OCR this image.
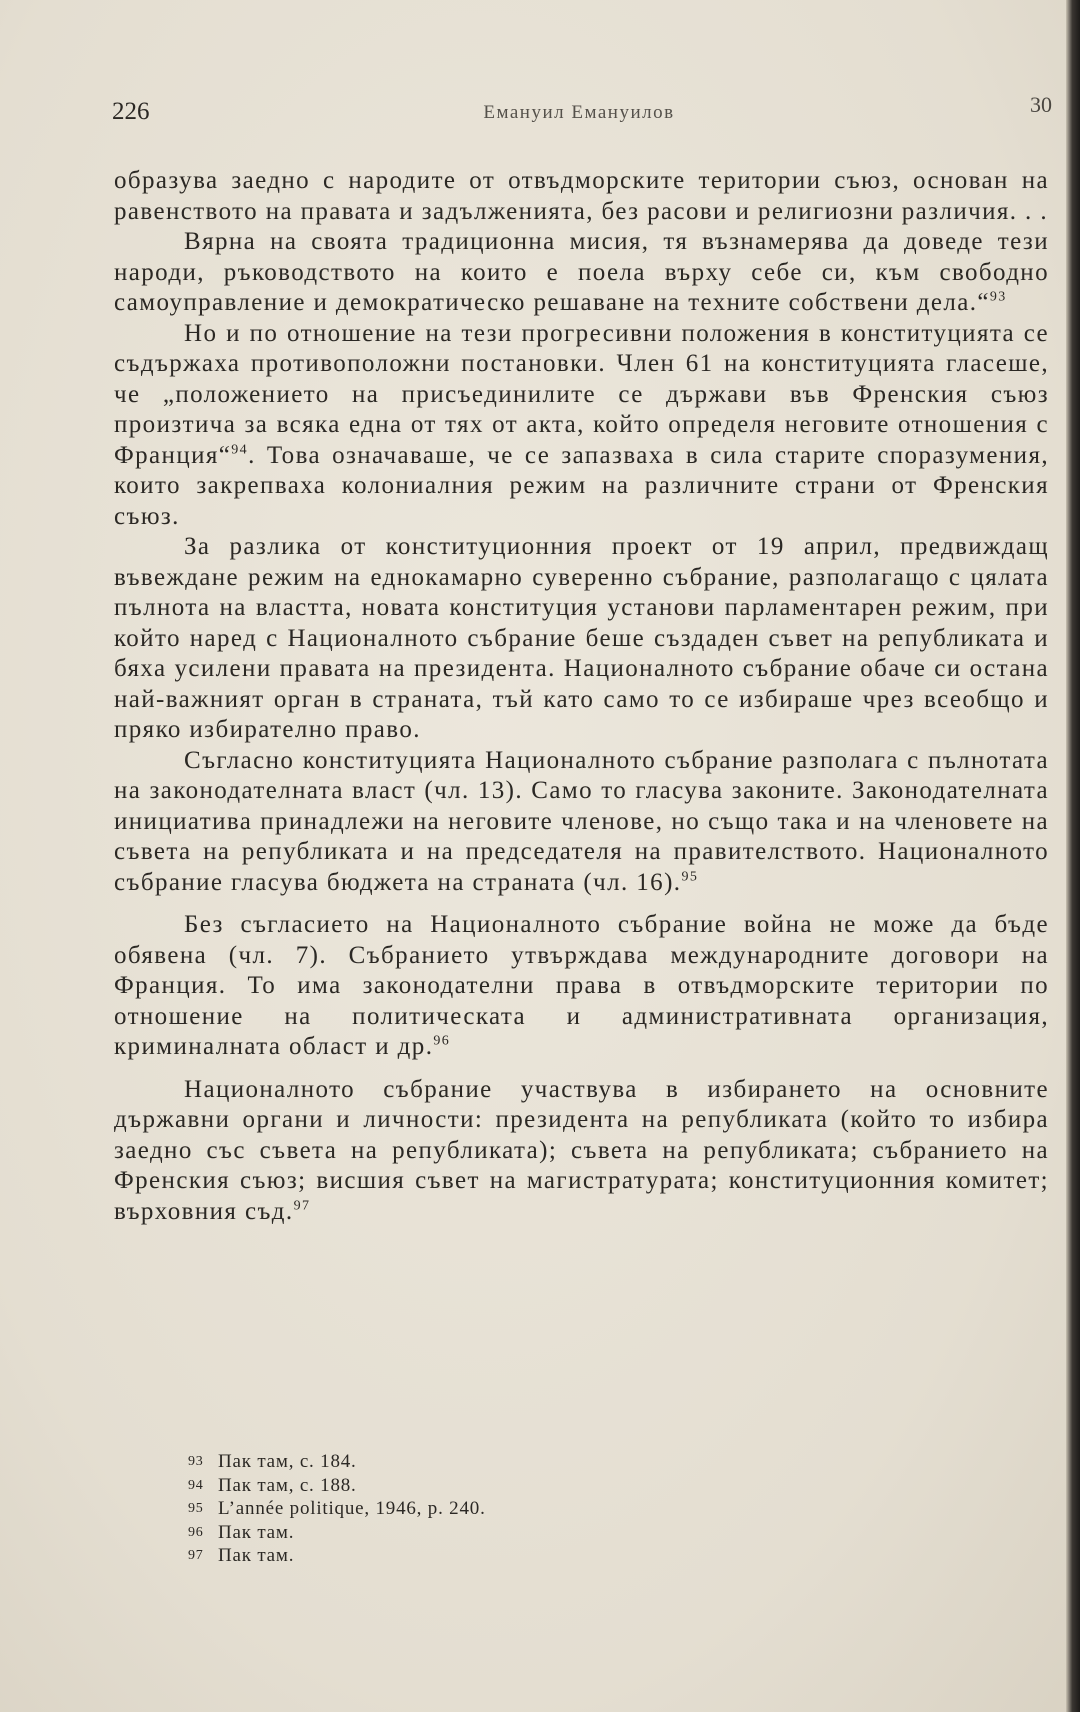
226	Емануил Емануилов	30

образува заедно с народите от отвъдморските територии съюз, основан на равенството на правата и задълженията, без расови и религиозни различия. . .

Вярна на своята традиционна мисия, тя възнамерява да доведе тези народи, ръководството на които е поела върху себе си, към свободно самоуправление и демократическо решаване на техните собствени дела.“$^{93}$

Но и по отношение на тези прогресивни положения в конституцията се съдържаха противоположни постановки. Член 61 на конституцията гласеше, че „положението на присъединилите се държави във Френския съюз произтича за всяка една от тях от акта, който определя неговите отношения с Франция“$^{94}$. Това означаваше, че се запазваха в сила старите споразумения, които закрепваха колониалния режим на различните страни от Френския съюз.

За разлика от конституционния проект от 19 април, предвиждащ въвеждане режим на еднокамарно суверенно събрание, разполагащо с цялата пълнота на властта, новата конституция установи парламентарен режим, при който наред с Националното събрание беше създаден съвет на републиката и бяха усилени правата на президента. Националното събрание обаче си остана най-важният орган в страната, тъй като само то се избираше чрез всеобщо и пряко избирателно право.

Съгласно конституцията Националното събрание разполага с пълнотата на законодателната власт (чл. 13). Само то гласува законите. Законодателната инициатива принадлежи на неговите членове, но също така и на членовете на съвета на републиката и на председателя на правителството. Националното събрание гласува бюджета на страната (чл. 16).$^{95}$

Без съгласието на Националното събрание война не може да бъде обявена (чл. 7). Събранието утвърждава международните договори на Франция. То има законодателни права в отвъдморските територии по отношение на политическата и административната организация, криминалната област и др.$^{96}$

Националното събрание участвува в избирането на основните държавни органи и личности: президента на републиката (който то избира заедно със съвета на републиката); съвета на републиката; събранието на Френския съюз; висшия съвет на магистратурата; конституционния комитет; върховния съд.$^{97}$

93 Пак там, с. 184.
94 Пак там, с. 188.
95 L’année politique, 1946, p. 240.
96 Пак там.
97 Пак там.
